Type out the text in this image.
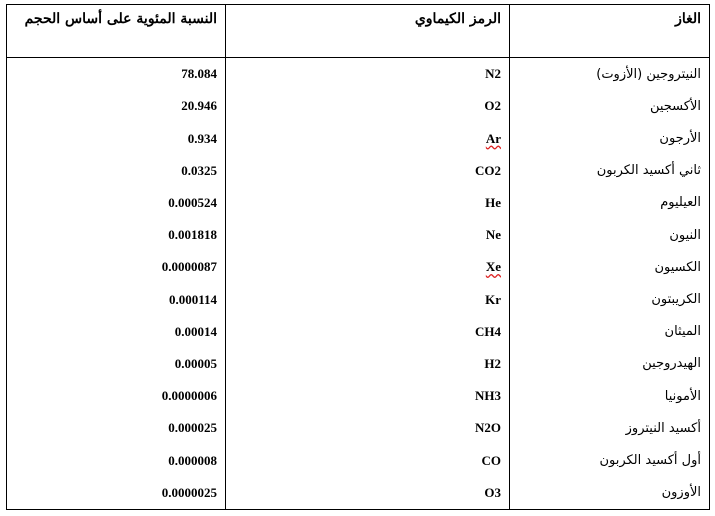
النسبة المئوية على أساس الحجم	الرمز الكيماوي	الغاز
78.084	N2	النيتروجين (الأزوت)
20.946	O2	الأكسجين
0.934	Ar	الأرجون
0.0325	CO2	ثاني أكسيد الكربون
0.000524	He	العيليوم
0.001818	Ne	النيون
0.0000087	Xe	الكسيون
0.000114	Kr	الكريبتون
0.00014	CH4	الميثان
0.00005	H2	الهيدروجين
0.0000006	NH3	الأمونيا
0.000025	N2O	أكسيد النيتروز
0.000008	CO	أول أكسيد الكربون
0.0000025	O3	الأوزون
